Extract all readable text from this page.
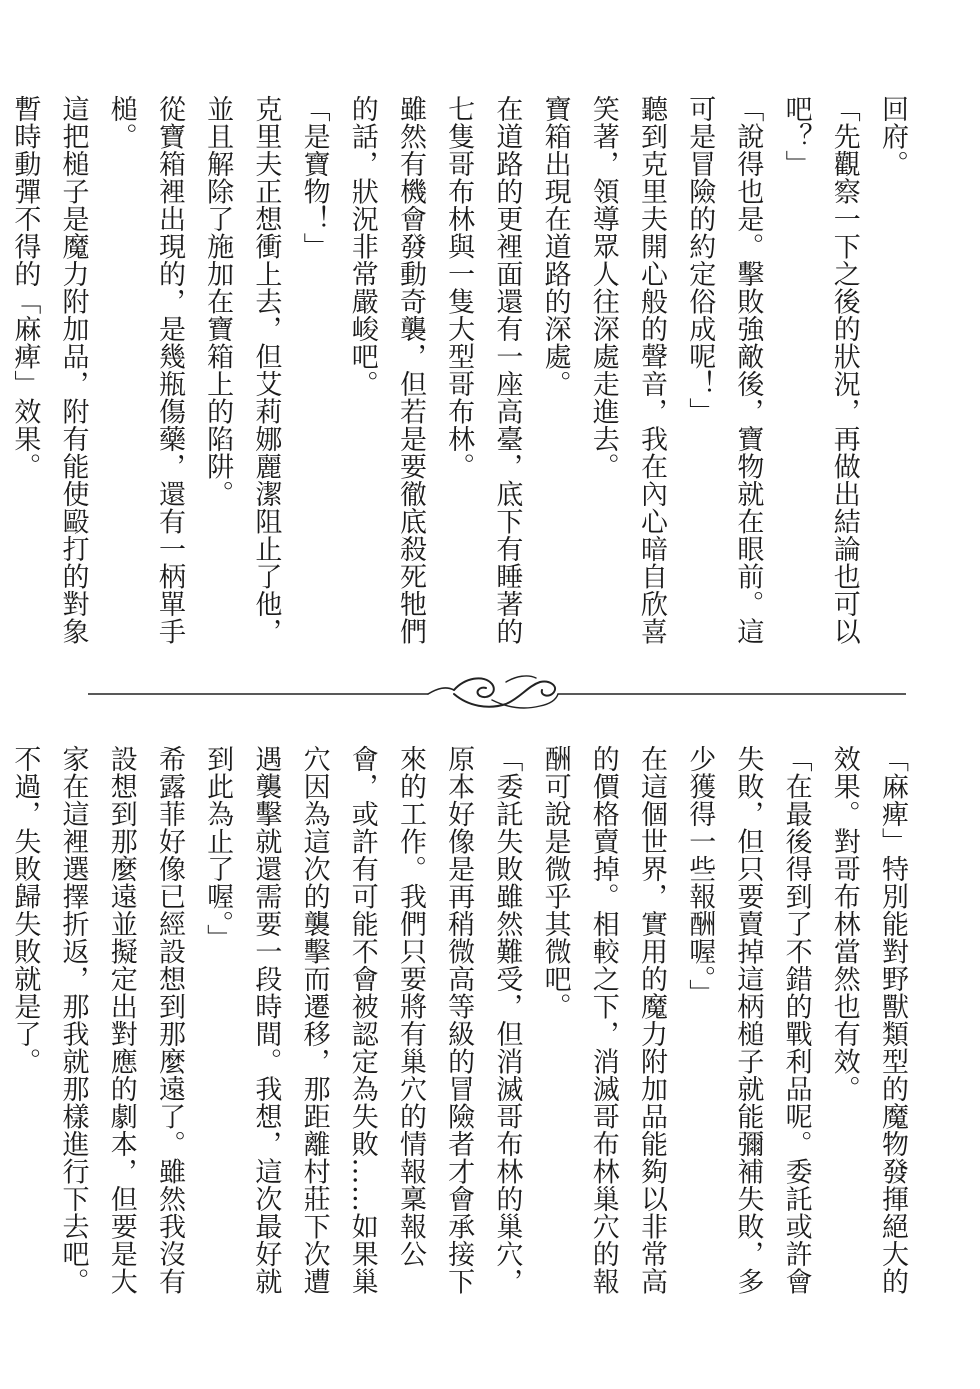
回府。

「先觀察一下之後的狀況，再做出結論也可以吧？」

「說得也是。擊敗強敵後，寶物就在眼前。這可是冒險的約定俗成呢！」

聽到克里夫開心般的聲音，我在內心暗自欣喜笑著，領導眾人往深處走進去。

寶箱出現在道路的深處。

在道路的更裡面還有一座高臺，底下有睡著的七隻哥布林與一隻大型哥布林。

雖然有機會發動奇襲，但若是要徹底殺死牠們的話，狀況非常嚴峻吧。

「是寶物！」

克里夫正想衝上去，但艾莉娜麗潔阻止了他，並且解除了施加在寶箱上的陷阱。

從寶箱裡出現的，是幾瓶傷藥，還有一柄單手槌。

這把槌子是魔力附加品，附有能使毆打的對象暫時動彈不得的「麻痺」效果。

「麻痺」特別能對野獸類型的魔物發揮絕大的效果。對哥布林當然也有效。

「在最後得到了不錯的戰利品呢。委託或許會失敗，但只要賣掉這柄槌子就能彌補失敗，多少獲得一些報酬喔。」

在這個世界，實用的魔力附加品能夠以非常高的價格賣掉。相較之下，消滅哥布林巢穴的報酬可說是微乎其微吧。

「委託失敗雖然難受，但消滅哥布林的巢穴，原本好像是再稍微高等級的冒險者才會承接下來的工作。我們只要將有巢穴的情報稟報公會，或許有可能不會被認定為失敗……如果巢穴因為這次的襲擊而遷移，那距離村莊下次遭遇襲擊就還需要一段時間。我想，這次最好就到此為止了喔。」

希露菲好像已經設想到那麼遠了。雖然我沒有設想到那麼遠並擬定出對應的劇本，但要是大家在這裡選擇折返，那我就那樣進行下去吧。

不過，失敗歸失敗就是了。
